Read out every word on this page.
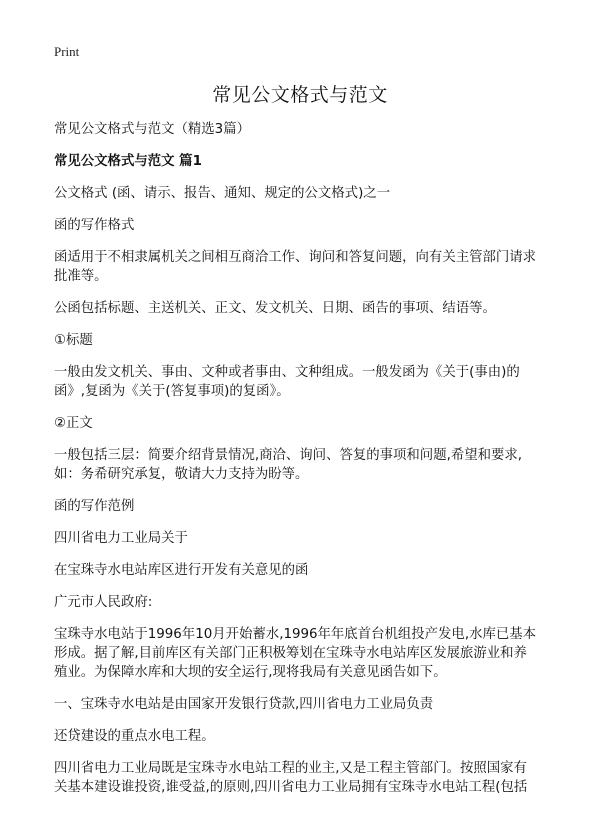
Print
常见公文格式与范文

常见公文格式与范文（精选3篇）

常见公文格式与范文 篇1

公文格式 (函、请示、报告、通知、规定的公文格式)之一

函的写作格式

函适用于不相隶属机关之间相互商洽工作、询问和答复问题，向有关主管部门请求批准等。

公函包括标题、主送机关、正文、发文机关、日期、函告的事项、结语等。

①标题

一般由发文机关、事由、文种或者事由、文种组成。一般发函为《关于(事由)的函》,复函为《关于(答复事项)的复函》。

②正文

一般包括三层：简要介绍背景情况,商洽、询问、答复的事项和问题,希望和要求,如：务希研究承复，敬请大力支持为盼等。

函的写作范例

四川省电力工业局关于

在宝珠寺水电站库区进行开发有关意见的函

广元市人民政府:

宝珠寺水电站于1996年10月开始蓄水,1996年年底首台机组投产发电,水库已基本形成。据了解,目前库区有关部门正积极筹划在宝珠寺水电站库区发展旅游业和养殖业。为保障水库和大坝的安全运行,现将我局有关意见函告如下。

一、宝珠寺水电站是由国家开发银行贷款,四川省电力工业局负责

还贷建设的重点水电工程。

四川省电力工业局既是宝珠寺水电站工程的业主,又是工程主管部门。按照国家有关基本建设谁投资,谁受益,的原则,四川省电力工业局拥有宝珠寺水电站工程(包括
